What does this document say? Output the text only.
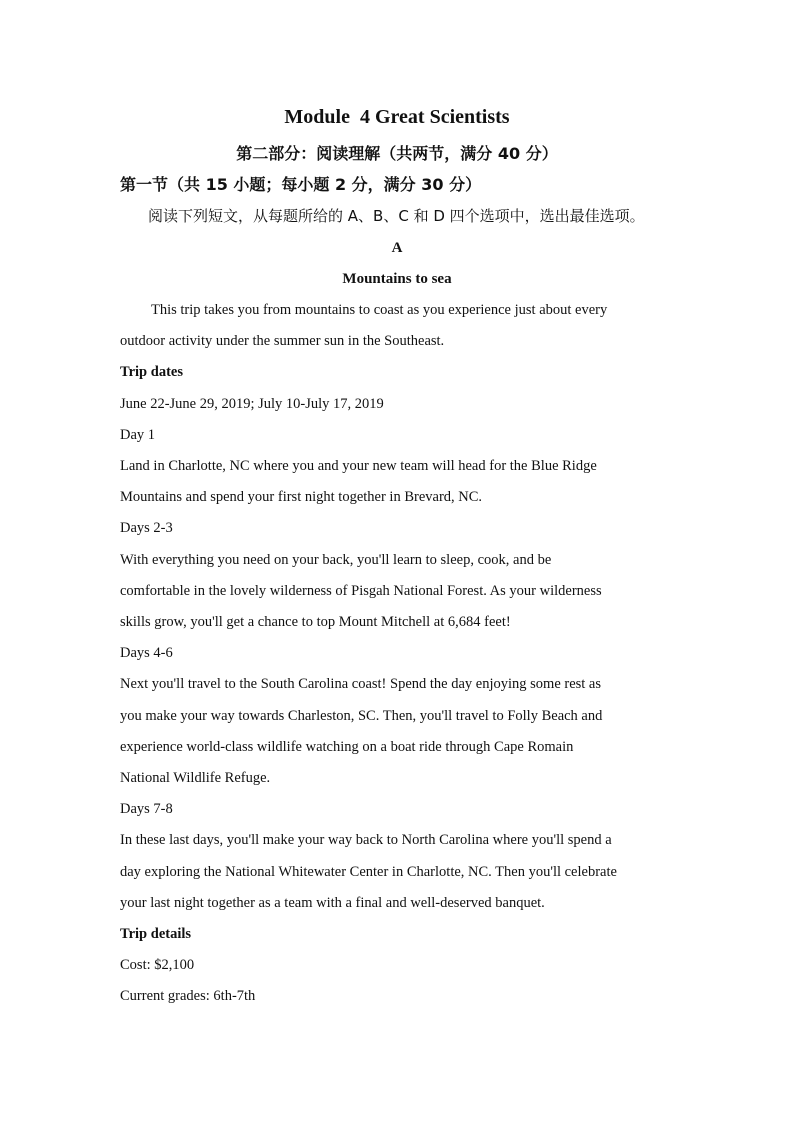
Module  4 Great Scientists
第二部分：阅读理解（共两节，满分 40 分）
第一节（共 15 小题；每小题 2 分，满分 30 分）
阅读下列短文，从每题所给的 A、B、C 和 D 四个选项中，选出最佳选项。
A
Mountains to sea
This trip takes you from mountains to coast as you experience just about every
outdoor activity under the summer sun in the Southeast.
Trip dates
June 22-June 29, 2019; July 10-July 17, 2019
Day 1
Land in Charlotte, NC where you and your new team will head for the Blue Ridge
Mountains and spend your first night together in Brevard, NC.
Days 2-3
With everything you need on your back, you'll learn to sleep, cook, and be
comfortable in the lovely wilderness of Pisgah National Forest. As your wilderness
skills grow, you'll get a chance to top Mount Mitchell at 6,684 feet!
Days 4-6
Next you'll travel to the South Carolina coast! Spend the day enjoying some rest as
you make your way towards Charleston, SC. Then, you'll travel to Folly Beach and
experience world-class wildlife watching on a boat ride through Cape Romain
National Wildlife Refuge.
Days 7-8
In these last days, you'll make your way back to North Carolina where you'll spend a
day exploring the National Whitewater Center in Charlotte, NC. Then you'll celebrate
your last night together as a team with a final and well-deserved banquet.
Trip details
Cost: $2,100
Current grades: 6th-7th
